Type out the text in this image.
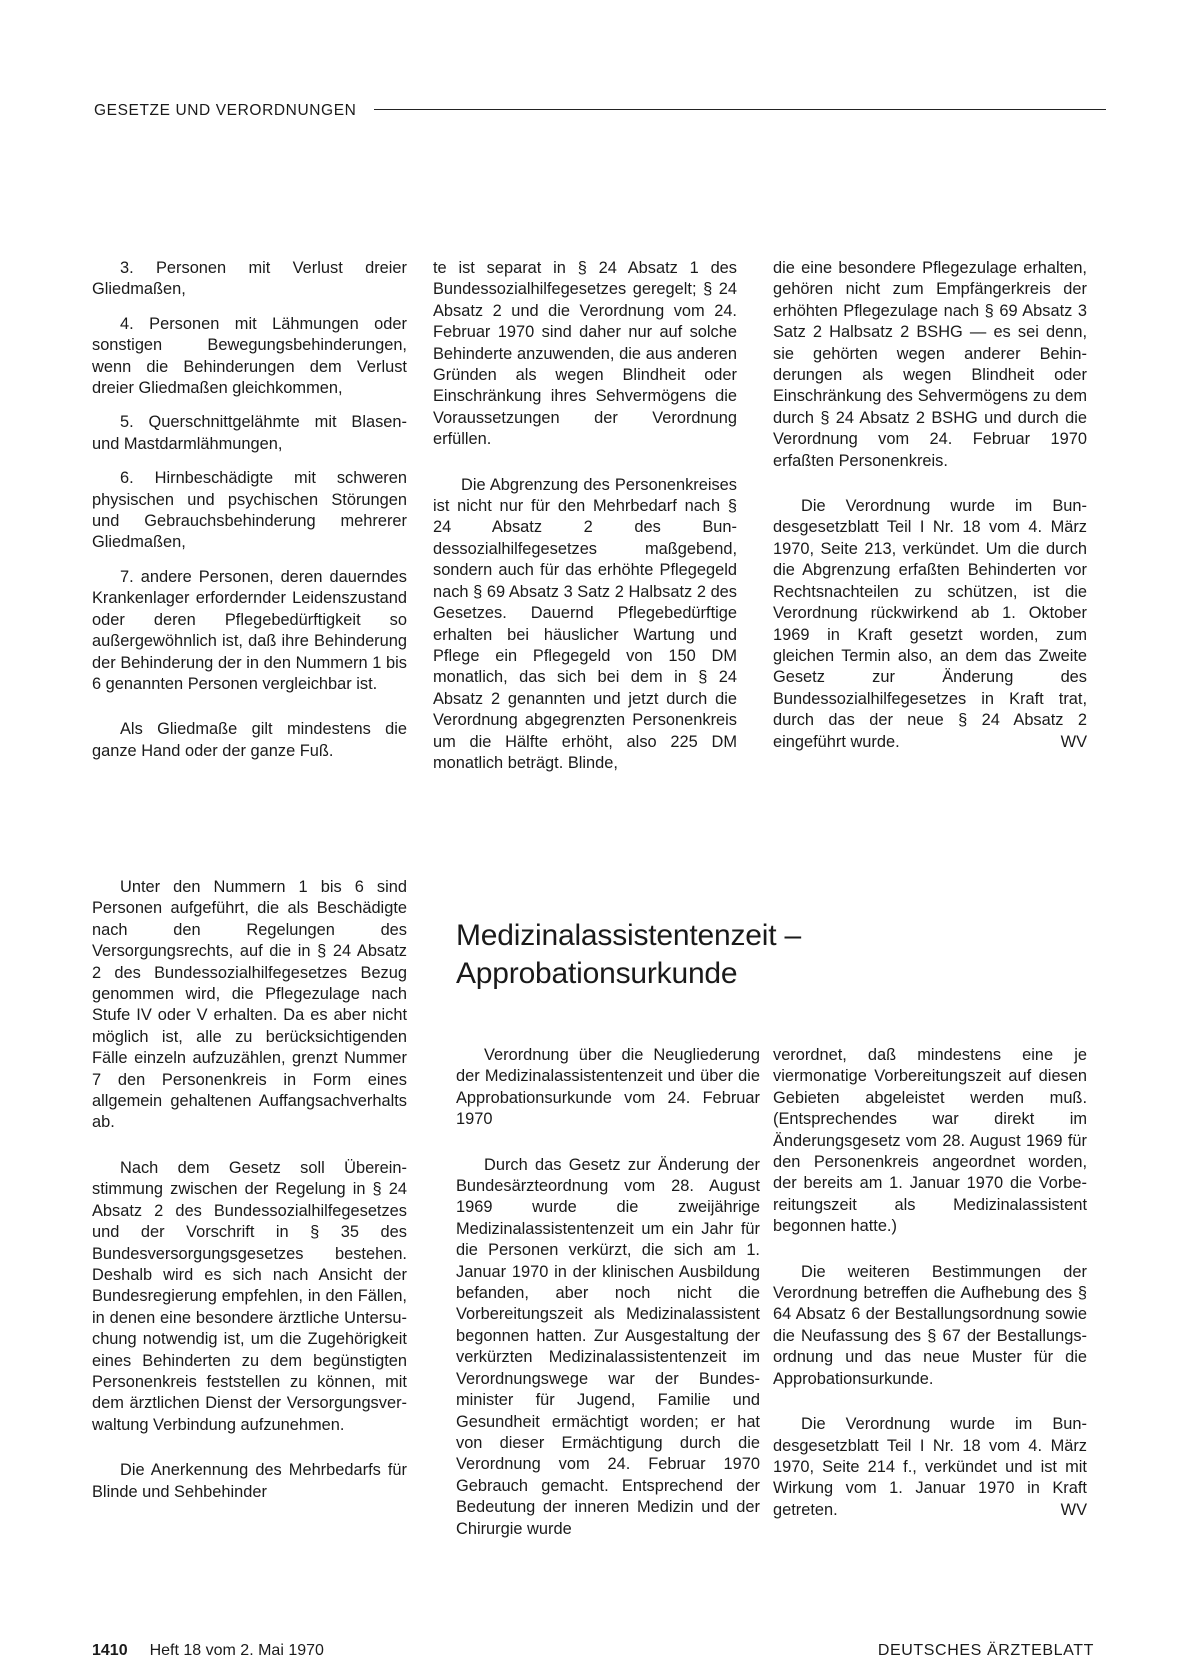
GESETZE UND VERORDNUNGEN

3. Personen mit Verlust dreier Gliedmaßen,

4. Personen mit Lähmungen oder sonstigen Bewegungsbehinderungen, wenn die Behinderungen dem Verlust dreier Gliedmaßen gleichkommen,

5. Querschnittgelähmte mit Blasen- und Mastdarmlähmungen,

6. Hirnbeschädigte mit schweren physischen und psychischen Störungen und Gebrauchsbehinderung mehrerer Gliedmaßen,

7. andere Personen, deren dauerndes Krankenlager erfordernder Leidenszustand oder deren Pflegebedürftigkeit so außergewöhnlich ist, daß ihre Behinderung der Behinderung der in den Nummern 1 bis 6 genannten Personen vergleichbar ist.

Als Gliedmaße gilt mindestens die ganze Hand oder der ganze Fuß.

Unter den Nummern 1 bis 6 sind Personen aufgeführt, die als Beschädigte nach den Regelungen des Versorgungsrechts, auf die in § 24 Absatz 2 des Bundessozialhilfegesetzes Bezug genommen wird, die Pflegezulage nach Stufe IV oder V erhalten. Da es aber nicht möglich ist, alle zu berücksichtigenden Fälle einzeln aufzuzählen, grenzt Nummer 7 den Personenkreis in Form eines allgemein gehaltenen Auffangsachverhalts ab.

Nach dem Gesetz soll Übereinstimmung zwischen der Regelung in § 24 Absatz 2 des Bundessozialhilfegesetzes und der Vorschrift in § 35 des Bundesversorgungsgesetzes bestehen. Deshalb wird es sich nach Ansicht der Bundesregierung empfehlen, in den Fällen, in denen eine besondere ärztliche Untersuchung notwendig ist, um die Zugehörigkeit eines Behinderten zu dem begünstigten Personenkreis feststellen zu können, mit dem ärztlichen Dienst der Versorgungsverwaltung Verbindung aufzunehmen.

Die Anerkennung des Mehrbedarfs für Blinde und Sehbehinder

te ist separat in § 24 Absatz 1 des Bundessozialhilfegesetzes geregelt; § 24 Absatz 2 und die Verordnung vom 24. Februar 1970 sind daher nur auf solche Behinderte anzuwenden, die aus anderen Gründen als wegen Blindheit oder Einschränkung ihres Sehvermögens die Voraussetzungen der Verordnung erfüllen.

Die Abgrenzung des Personenkreises ist nicht nur für den Mehrbedarf nach § 24 Absatz 2 des Bundessozialhilfegesetzes maßgebend, sondern auch für das erhöhte Pflegegeld nach § 69 Absatz 3 Satz 2 Halbsatz 2 des Gesetzes. Dauernd Pflegebedürftige erhalten bei häuslicher Wartung und Pflege ein Pflegegeld von 150 DM monatlich, das sich bei dem in § 24 Absatz 2 genannten und jetzt durch die Verordnung abgegrenzten Personenkreis um die Hälfte erhöht, also 225 DM monatlich beträgt. Blinde,

die eine besondere Pflegezulage erhalten, gehören nicht zum Empfängerkreis der erhöhten Pflegezulage nach § 69 Absatz 3 Satz 2 Halbsatz 2 BSHG — es sei denn, sie gehörten wegen anderer Behinderungen als wegen Blindheit oder Einschränkung des Sehvermögens zu dem durch § 24 Absatz 2 BSHG und durch die Verordnung vom 24. Februar 1970 erfaßten Personenkreis.

Die Verordnung wurde im Bundesgesetzblatt Teil I Nr. 18 vom 4. März 1970, Seite 213, verkündet. Um die durch die Abgrenzung erfaßten Behinderten vor Rechtsnachteilen zu schützen, ist die Verordnung rückwirkend ab 1. Oktober 1969 in Kraft gesetzt worden, zum gleichen Termin also, an dem das Zweite Gesetz zur Änderung des Bundessozialhilfegesetzes in Kraft trat, durch das der neue § 24 Absatz 2 eingeführt wurde.	WV

Medizinalassistentenzeit –
Approbationsurkunde

Verordnung über die Neugliederung der Medizinalassistentenzeit und über die Approbationsurkunde vom 24. Februar 1970

Durch das Gesetz zur Änderung der Bundesärzteordnung vom 28. August 1969 wurde die zweijährige Medizinalassistentenzeit um ein Jahr für die Personen verkürzt, die sich am 1. Januar 1970 in der klinischen Ausbildung befanden, aber noch nicht die Vorbereitungszeit als Medizinalassistent begonnen hatten. Zur Ausgestaltung der verkürzten Medizinalassistentenzeit im Verordnungswege war der Bundesminister für Jugend, Familie und Gesundheit ermächtigt worden; er hat von dieser Ermächtigung durch die Verordnung vom 24. Februar 1970 Gebrauch gemacht. Entsprechend der Bedeutung der inneren Medizin und der Chirurgie wurde

verordnet, daß mindestens eine je viermonatige Vorbereitungszeit auf diesen Gebieten abgeleistet werden muß. (Entsprechendes war direkt im Änderungsgesetz vom 28. August 1969 für den Personenkreis angeordnet worden, der bereits am 1. Januar 1970 die Vorbereitungszeit als Medizinalassistent begonnen hatte.)

Die weiteren Bestimmungen der Verordnung betreffen die Aufhebung des § 64 Absatz 6 der Bestallungsordnung sowie die Neufassung des § 67 der Bestallungsordnung und das neue Muster für die Approbationsurkunde.

Die Verordnung wurde im Bundesgesetzblatt Teil I Nr. 18 vom 4. März 1970, Seite 214 f., verkündet und ist mit Wirkung vom 1. Januar 1970 in Kraft getreten.	WV

1410 Heft 18 vom 2. Mai 1970	DEUTSCHES ÄRZTEBLATT
